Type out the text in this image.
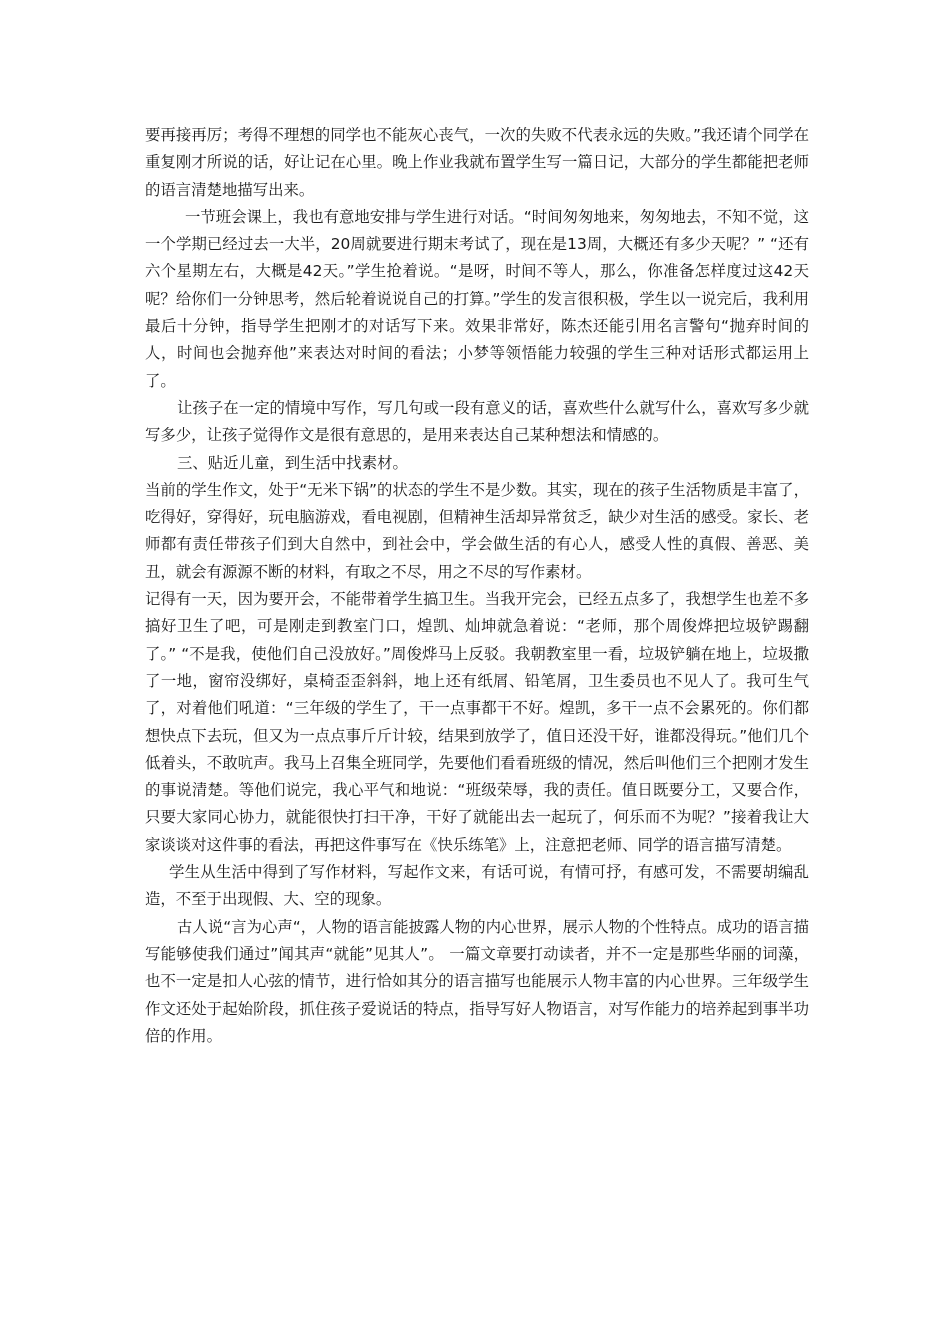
要再接再厉；考得不理想的同学也不能灰心丧气，一次的失败不代表永远的失败。”我还请个同学在重复刚才所说的话，好让记在心里。晚上作业我就布置学生写一篇日记，大部分的学生都能把老师的语言清楚地描写出来。

一节班会课上，我也有意地安排与学生进行对话。“时间匆匆地来，匆匆地去，不知不觉，这一个学期已经过去一大半，20周就要进行期末考试了，现在是13周，大概还有多少天呢？” “还有六个星期左右，大概是42天。”学生抢着说。“是呀，时间不等人，那么，你准备怎样度过这42天呢？给你们一分钟思考，然后轮着说说自己的打算。”学生的发言很积极，学生以一说完后，我利用最后十分钟，指导学生把刚才的对话写下来。效果非常好，陈杰还能引用名言警句“抛弃时间的人，时间也会抛弃他”来表达对时间的看法；小梦等领悟能力较强的学生三种对话形式都运用上了。

让孩子在一定的情境中写作，写几句或一段有意义的话，喜欢些什么就写什么，喜欢写多少就写多少，让孩子觉得作文是很有意思的，是用来表达自己某种想法和情感的。

三、贴近儿童，到生活中找素材。

当前的学生作文，处于“无米下锅”的状态的学生不是少数。其实，现在的孩子生活物质是丰富了，吃得好，穿得好，玩电脑游戏，看电视剧，但精神生活却异常贫乏，缺少对生活的感受。家长、老师都有责任带孩子们到大自然中，到社会中，学会做生活的有心人，感受人性的真假、善恶、美丑，就会有源源不断的材料，有取之不尽，用之不尽的写作素材。

记得有一天，因为要开会，不能带着学生搞卫生。当我开完会，已经五点多了，我想学生也差不多搞好卫生了吧，可是刚走到教室门口，煌凯、灿坤就急着说：“老师，那个周俊烨把垃圾铲踢翻了。” “不是我，使他们自己没放好。”周俊烨马上反驳。我朝教室里一看，垃圾铲躺在地上，垃圾撒了一地，窗帘没绑好，桌椅歪歪斜斜，地上还有纸屑、铅笔屑，卫生委员也不见人了。我可生气了，对着他们吼道：“三年级的学生了，干一点事都干不好。煌凯，多干一点不会累死的。你们都想快点下去玩，但又为一点点事斤斤计较，结果到放学了，值日还没干好，谁都没得玩。”他们几个低着头，不敢吭声。我马上召集全班同学，先要他们看看班级的情况，然后叫他们三个把刚才发生的事说清楚。等他们说完，我心平气和地说：“班级荣辱，我的责任。值日既要分工，又要合作，只要大家同心协力，就能很快打扫干净，干好了就能出去一起玩了，何乐而不为呢？”接着我让大家谈谈对这件事的看法，再把这件事写在《快乐练笔》上，注意把老师、同学的语言描写清楚。

学生从生活中得到了写作材料，写起作文来，有话可说，有情可抒，有感可发，不需要胡编乱造，不至于出现假、大、空的现象。

古人说“言为心声“，人物的语言能披露人物的内心世界，展示人物的个性特点。成功的语言描写能够使我们通过”闻其声“就能”见其人”。 一篇文章要打动读者，并不一定是那些华丽的词藻，也不一定是扣人心弦的情节，进行恰如其分的语言描写也能展示人物丰富的内心世界。三年级学生作文还处于起始阶段，抓住孩子爱说话的特点，指导写好人物语言，对写作能力的培养起到事半功倍的作用。
